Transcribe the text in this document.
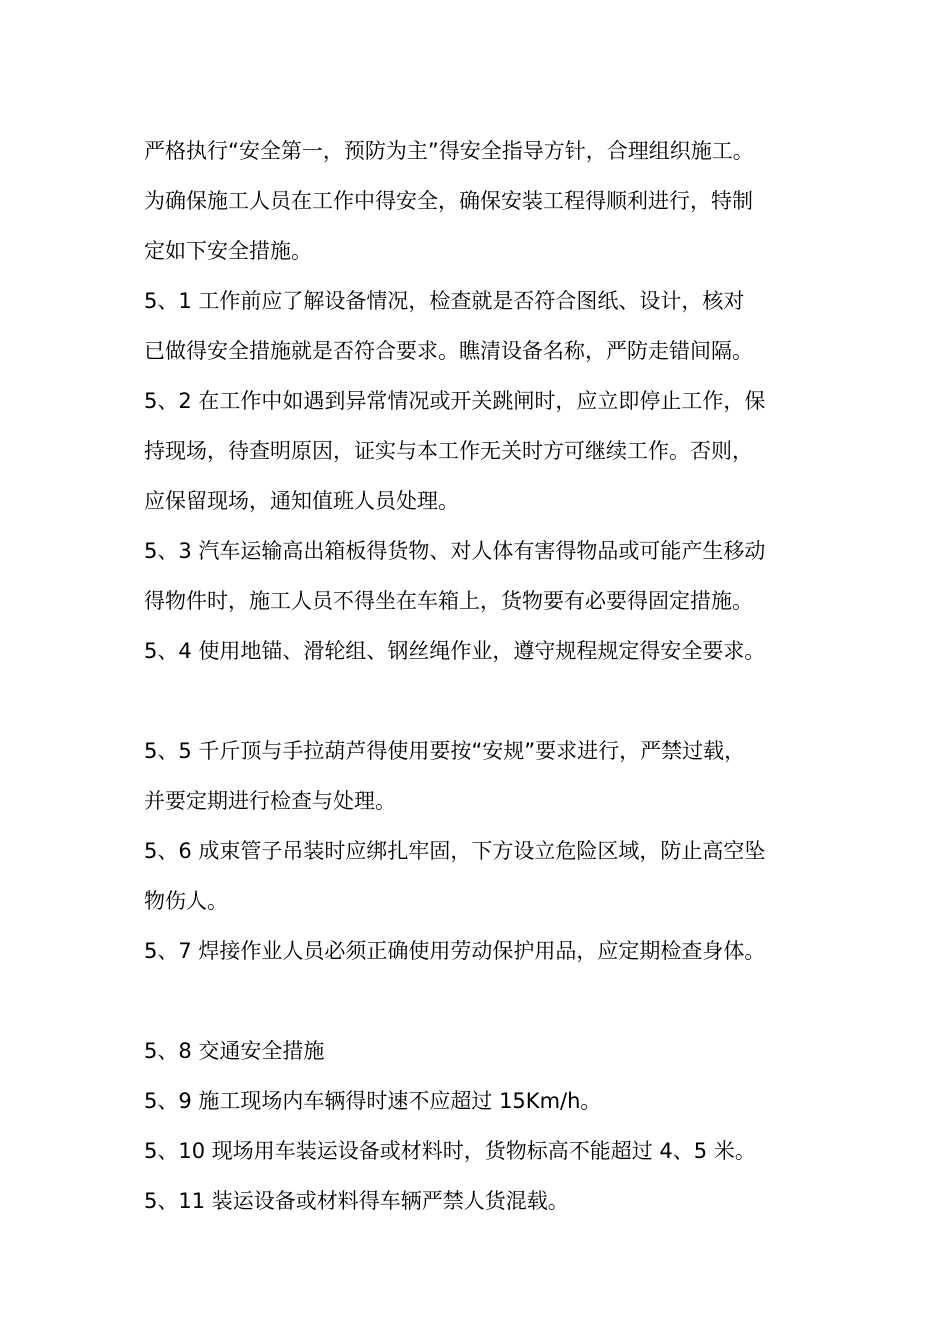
严格执行“安全第一，预防为主”得安全指导方针，合理组织施工。
为确保施工人员在工作中得安全，确保安装工程得顺利进行，特制
定如下安全措施。
5、1 工作前应了解设备情况，检查就是否符合图纸、设计，核对
已做得安全措施就是否符合要求。瞧清设备名称，严防走错间隔。
5、2 在工作中如遇到异常情况或开关跳闸时，应立即停止工作，保
持现场，待查明原因，证实与本工作无关时方可继续工作。否则，
应保留现场，通知值班人员处理。
5、3 汽车运输高出箱板得货物、对人体有害得物品或可能产生移动
得物件时，施工人员不得坐在车箱上，货物要有必要得固定措施。
5、4 使用地锚、滑轮组、钢丝绳作业，遵守规程规定得安全要求。
5、5 千斤顶与手拉葫芦得使用要按“安规”要求进行，严禁过载，
并要定期进行检查与处理。
5、6 成束管子吊装时应绑扎牢固，下方设立危险区域，防止高空坠
物伤人。
5、7 焊接作业人员必须正确使用劳动保护用品，应定期检查身体。
5、8 交通安全措施
5、9 施工现场内车辆得时速不应超过 15Km/h。
5、10 现场用车装运设备或材料时，货物标高不能超过 4、5 米。
5、11 装运设备或材料得车辆严禁人货混载。
